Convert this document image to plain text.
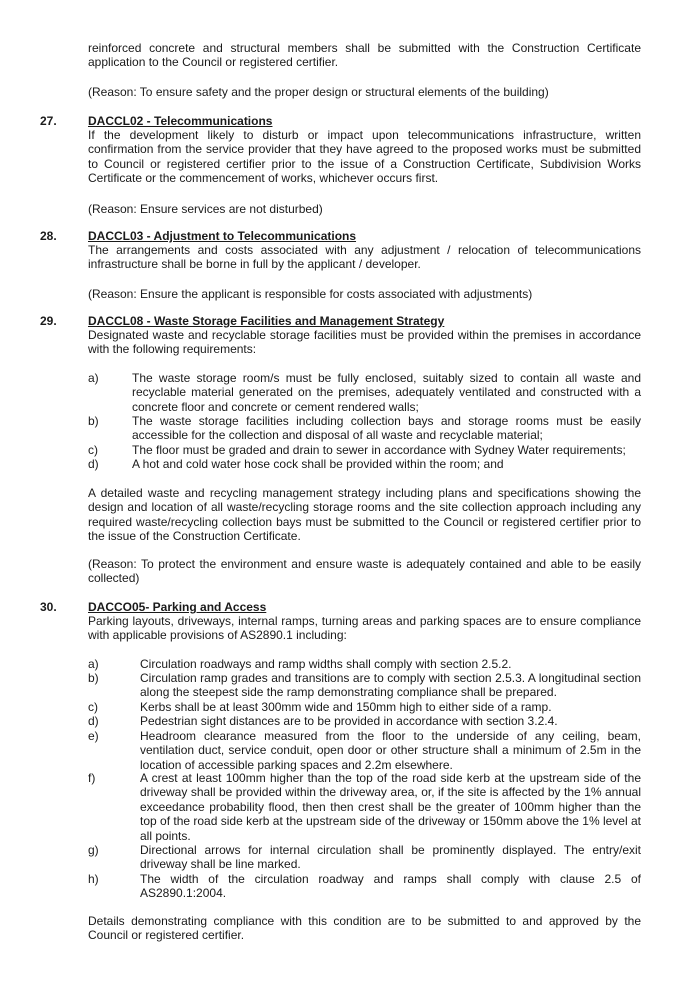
reinforced concrete and structural members shall be submitted with the Construction Certificate application to the Council or registered certifier.
(Reason: To ensure safety and the proper design or structural elements of the building)
27.	DACCL02 - Telecommunications
If the development likely to disturb or impact upon telecommunications infrastructure, written confirmation from the service provider that they have agreed to the proposed works must be submitted to Council or registered certifier prior to the issue of a Construction Certificate, Subdivision Works Certificate or the commencement of works, whichever occurs first.
(Reason: Ensure services are not disturbed)
28.	DACCL03 - Adjustment to Telecommunications
The arrangements and costs associated with any adjustment / relocation of telecommunications infrastructure shall be borne in full by the applicant / developer.
(Reason: Ensure the applicant is responsible for costs associated with adjustments)
29.	DACCL08 - Waste Storage Facilities and Management Strategy
Designated waste and recyclable storage facilities must be provided within the premises in accordance with the following requirements:
a)	The waste storage room/s must be fully enclosed, suitably sized to contain all waste and recyclable material generated on the premises, adequately ventilated and constructed with a concrete floor and concrete or cement rendered walls;
b)	The waste storage facilities including collection bays and storage rooms must be easily accessible for the collection and disposal of all waste and recyclable material;
c)	The floor must be graded and drain to sewer in accordance with Sydney Water requirements;
d)	A hot and cold water hose cock shall be provided within the room; and
A detailed waste and recycling management strategy including plans and specifications showing the design and location of all waste/recycling storage rooms and the site collection approach including any required waste/recycling collection bays must be submitted to the Council or registered certifier prior to the issue of the Construction Certificate.
(Reason: To protect the environment and ensure waste is adequately contained and able to be easily collected)
30.	DACCO05- Parking and Access
Parking layouts, driveways, internal ramps, turning areas and parking spaces are to ensure compliance with applicable provisions of AS2890.1 including:
a)	Circulation roadways and ramp widths shall comply with section 2.5.2.
b)	Circulation ramp grades and transitions are to comply with section 2.5.3. A longitudinal section along the steepest side the ramp demonstrating compliance shall be prepared.
c)	Kerbs shall be at least 300mm wide and 150mm high to either side of a ramp.
d)	Pedestrian sight distances are to be provided in accordance with section 3.2.4.
e)	Headroom clearance measured from the floor to the underside of any ceiling, beam, ventilation duct, service conduit, open door or other structure shall a minimum of 2.5m in the location of accessible parking spaces and 2.2m elsewhere.
f)	A crest at least 100mm higher than the top of the road side kerb at the upstream side of the driveway shall be provided within the driveway area, or, if the site is affected by the 1% annual exceedance probability flood, then then crest shall be the greater of 100mm higher than the top of the road side kerb at the upstream side of the driveway or 150mm above the 1% level at all points.
g)	Directional arrows for internal circulation shall be prominently displayed. The entry/exit driveway shall be line marked.
h)	The width of the circulation roadway and ramps shall comply with clause 2.5 of AS2890.1:2004.
Details demonstrating compliance with this condition are to be submitted to and approved by the Council or registered certifier.
